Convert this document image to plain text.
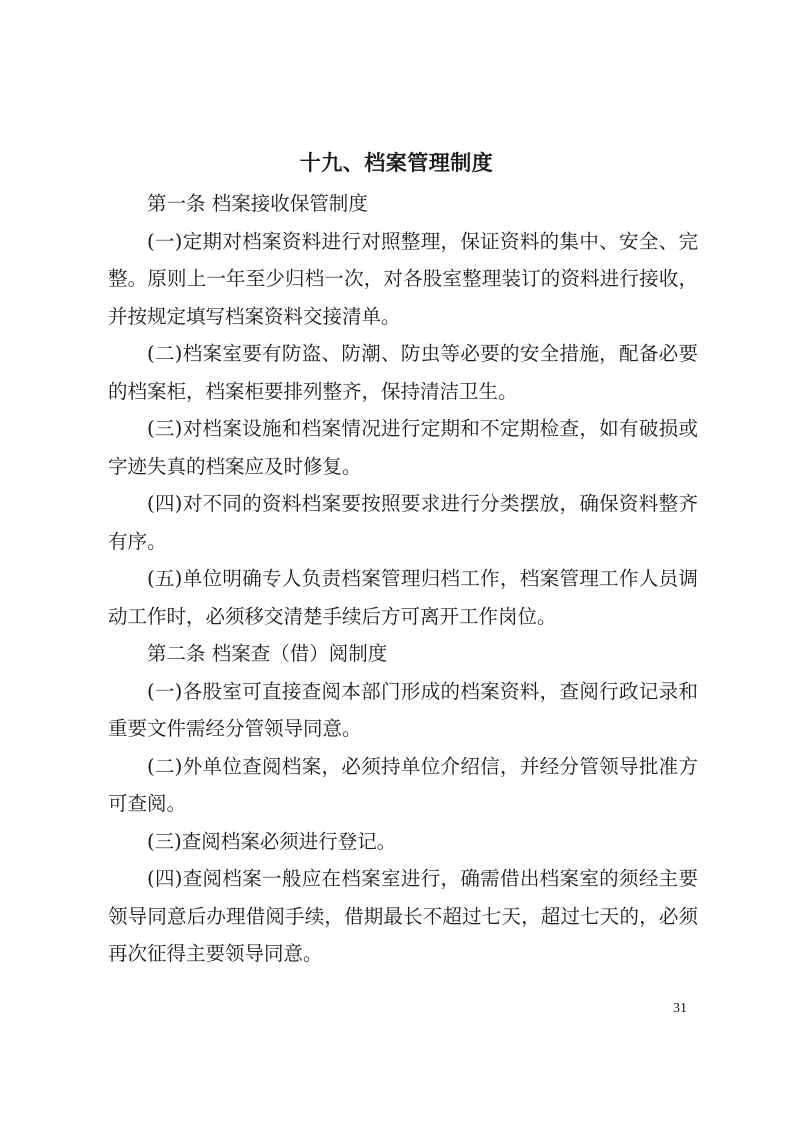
十九、档案管理制度

第一条 档案接收保管制度

(一)定期对档案资料进行对照整理，保证资料的集中、安全、完整。原则上一年至少归档一次，对各股室整理装订的资料进行接收，并按规定填写档案资料交接清单。

(二)档案室要有防盗、防潮、防虫等必要的安全措施，配备必要的档案柜，档案柜要排列整齐，保持清洁卫生。

(三)对档案设施和档案情况进行定期和不定期检查，如有破损或字迹失真的档案应及时修复。

(四)对不同的资料档案要按照要求进行分类摆放，确保资料整齐有序。

(五)单位明确专人负责档案管理归档工作，档案管理工作人员调动工作时，必须移交清楚手续后方可离开工作岗位。

第二条 档案查（借）阅制度

(一)各股室可直接查阅本部门形成的档案资料，查阅行政记录和重要文件需经分管领导同意。

(二)外单位查阅档案，必须持单位介绍信，并经分管领导批准方可查阅。

(三)查阅档案必须进行登记。

(四)查阅档案一般应在档案室进行，确需借出档案室的须经主要领导同意后办理借阅手续，借期最长不超过七天，超过七天的，必须再次征得主要领导同意。

31
